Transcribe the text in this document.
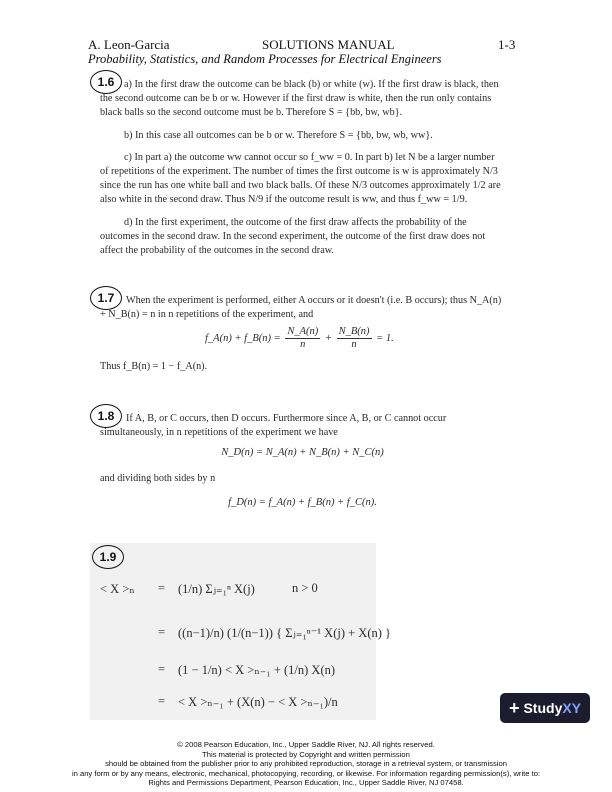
A. Leon-Garcia	SOLUTIONS MANUAL	1-3
Probability, Statistics, and Random Processes for Electrical Engineers
1.6 a) In the first draw the outcome can be black (b) or white (w). If the first draw is black, then the second outcome can be b or w. However if the first draw is white, then the run only contains black balls so the second outcome must be b. Therefore S = {bb, bw, wb}.

b) In this case all outcomes can be b or w. Therefore S = {bb, bw, wb, ww}.

c) In part a) the outcome ww cannot occur so f_ww = 0. In part b) let N be a larger number of repetitions of the experiment. The number of times the first outcome is w is approximately N/3 since the run has one white ball and two black balls. Of these N/3 outcomes approximately 1/2 are also white in the second draw. Thus N/9 if the outcome result is ww, and thus f_ww = 1/9.

d) In the first experiment, the outcome of the first draw affects the probability of the outcomes in the second draw. In the second experiment, the outcome of the first draw does not affect the probability of the outcomes in the second draw.

1.7	When the experiment is performed, either A occurs or it doesn't (i.e. B occurs); thus N_A(n) + N_B(n) = n in n repetitions of the experiment, and
f_A(n) + f_B(n) = $\frac{N\_A(n)}{n} + \frac{N\_B(n)}{n} = 1$.
Thus f_B(n) = 1 − f_A(n).
1.8	If A, B, or C occurs, then D occurs. Furthermore since A, B, or C cannot occur simultaneously, in n repetitions of the experiment we have
N_D(n) = N_A(n) + N_B(n) + N_C(n)
and dividing both sides by n
f_D(n) = f_A(n) + f_B(n) + f_C(n).
1.9
< X >ₙ = (1/n) Σⱼ₌₁ⁿ X(j)	n > 0
= ((n−1)/n) (1/(n−1)) { Σⱼ₌₁ⁿ⁻¹ X(j) + X(n) }
= (1 − 1/n) < X >ₙ₋₁ + (1/n) X(n)
= < X >ₙ₋₁ + (X(n) − < X >ₙ₋₁)/n	+ StudyXY
© 2008 Pearson Education, Inc., Upper Saddle River, NJ. All rights reserved.
This material is protected by Copyright and written permission
should be obtained from the publisher prior to any prohibited reproduction, storage in a retrieval system, or transmission
in any form or by any means, electronic, mechanical, photocopying, recording, or likewise. For information regarding permission(s), write to:
Rights and Permissions Department, Pearson Education, Inc., Upper Saddle River, NJ 07458.
